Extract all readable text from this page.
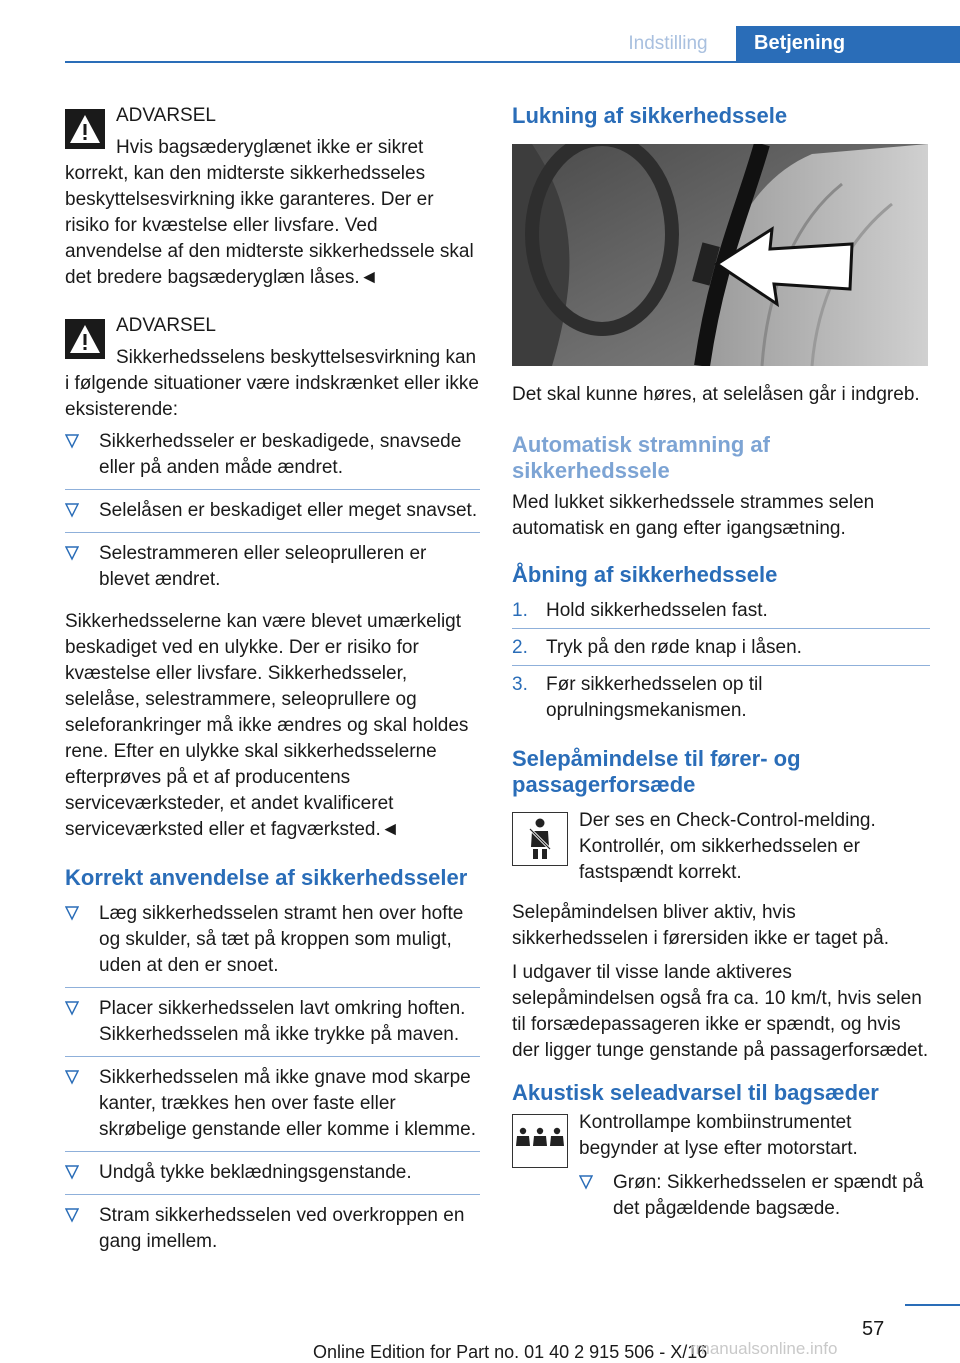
Indstilling	Betjening

ADVARSEL

Hvis bagsæderyglænet ikke er sikret korrekt, kan den midterste sikkerhedsseles beskyttelsesvirkning ikke garanteres. Der er risiko for kvæstelse eller livsfare. Ved anvendelse af den midterste sikkerhedssele skal det bredere bagsæderyglæn låses.◄

ADVARSEL

Sikkerhedsselens beskyttelsesvirkning kan i følgende situationer være indskrænket eller ikke eksisterende:

Sikkerhedsseler er beskadigede, snavsede eller på anden måde ændret.
Selelåsen er beskadiget eller meget snavset.
Selestrammeren eller seleoprulleren er blevet ændret.

Sikkerhedsselerne kan være blevet umærkeligt beskadiget ved en ulykke. Der er risiko for kvæstelse eller livsfare. Sikkerhedsseler, selelåse, selestrammere, seleoprullere og seleforankringer må ikke ændres og skal holdes rene. Efter en ulykke skal sikkerhedsselerne efterprøves på et af producentens serviceværksteder, et andet kvalificeret serviceværksted eller et fagværksted.◄

Korrekt anvendelse af sikkerhedsseler
Læg sikkerhedsselen stramt hen over hofte og skulder, så tæt på kroppen som muligt, uden at den er snoet.
Placer sikkerhedsselen lavt omkring hoften. Sikkerhedsselen må ikke trykke på maven.
Sikkerhedsselen må ikke gnave mod skarpe kanter, trækkes hen over faste eller skrøbelige genstande eller komme i klemme.
Undgå tykke beklædningsgenstande.
Stram sikkerhedsselen ved overkroppen en gang imellem.
Lukning af sikkerhedssele

Det skal kunne høres, at selelåsen går i indgreb.

Automatisk stramning af sikkerhedssele

Med lukket sikkerhedssele strammes selen automatisk en gang efter igangsætning.

Åbning af sikkerhedssele
1. Hold sikkerhedsselen fast.
2. Tryk på den røde knap i låsen.
3. Før sikkerhedsselen op til oprulningsmekanismen.
Selepåmindelse til fører- og passagerforsæde

Der ses en Check-Control-melding. Kontrollér, om sikkerhedsselen er fastspændt korrekt.

Selepåmindelsen bliver aktiv, hvis sikkerhedsselen i førersiden ikke er taget på.

I udgaver til visse lande aktiveres selepåmindelsen også fra ca. 10 km/t, hvis selen til forsædepassageren ikke er spændt, og hvis der ligger tunge genstande på passagerforsædet.

Akustisk seleadvarsel til bagsæder

Kontrollampe kombiinstrumentet begynder at lyse efter motorstart.

Grøn: Sikkerhedsselen er spændt på det pågældende bagsæde.
57
Online Edition for Part no. 01 40 2 915 506 - X/16
rmanualsonline.info
